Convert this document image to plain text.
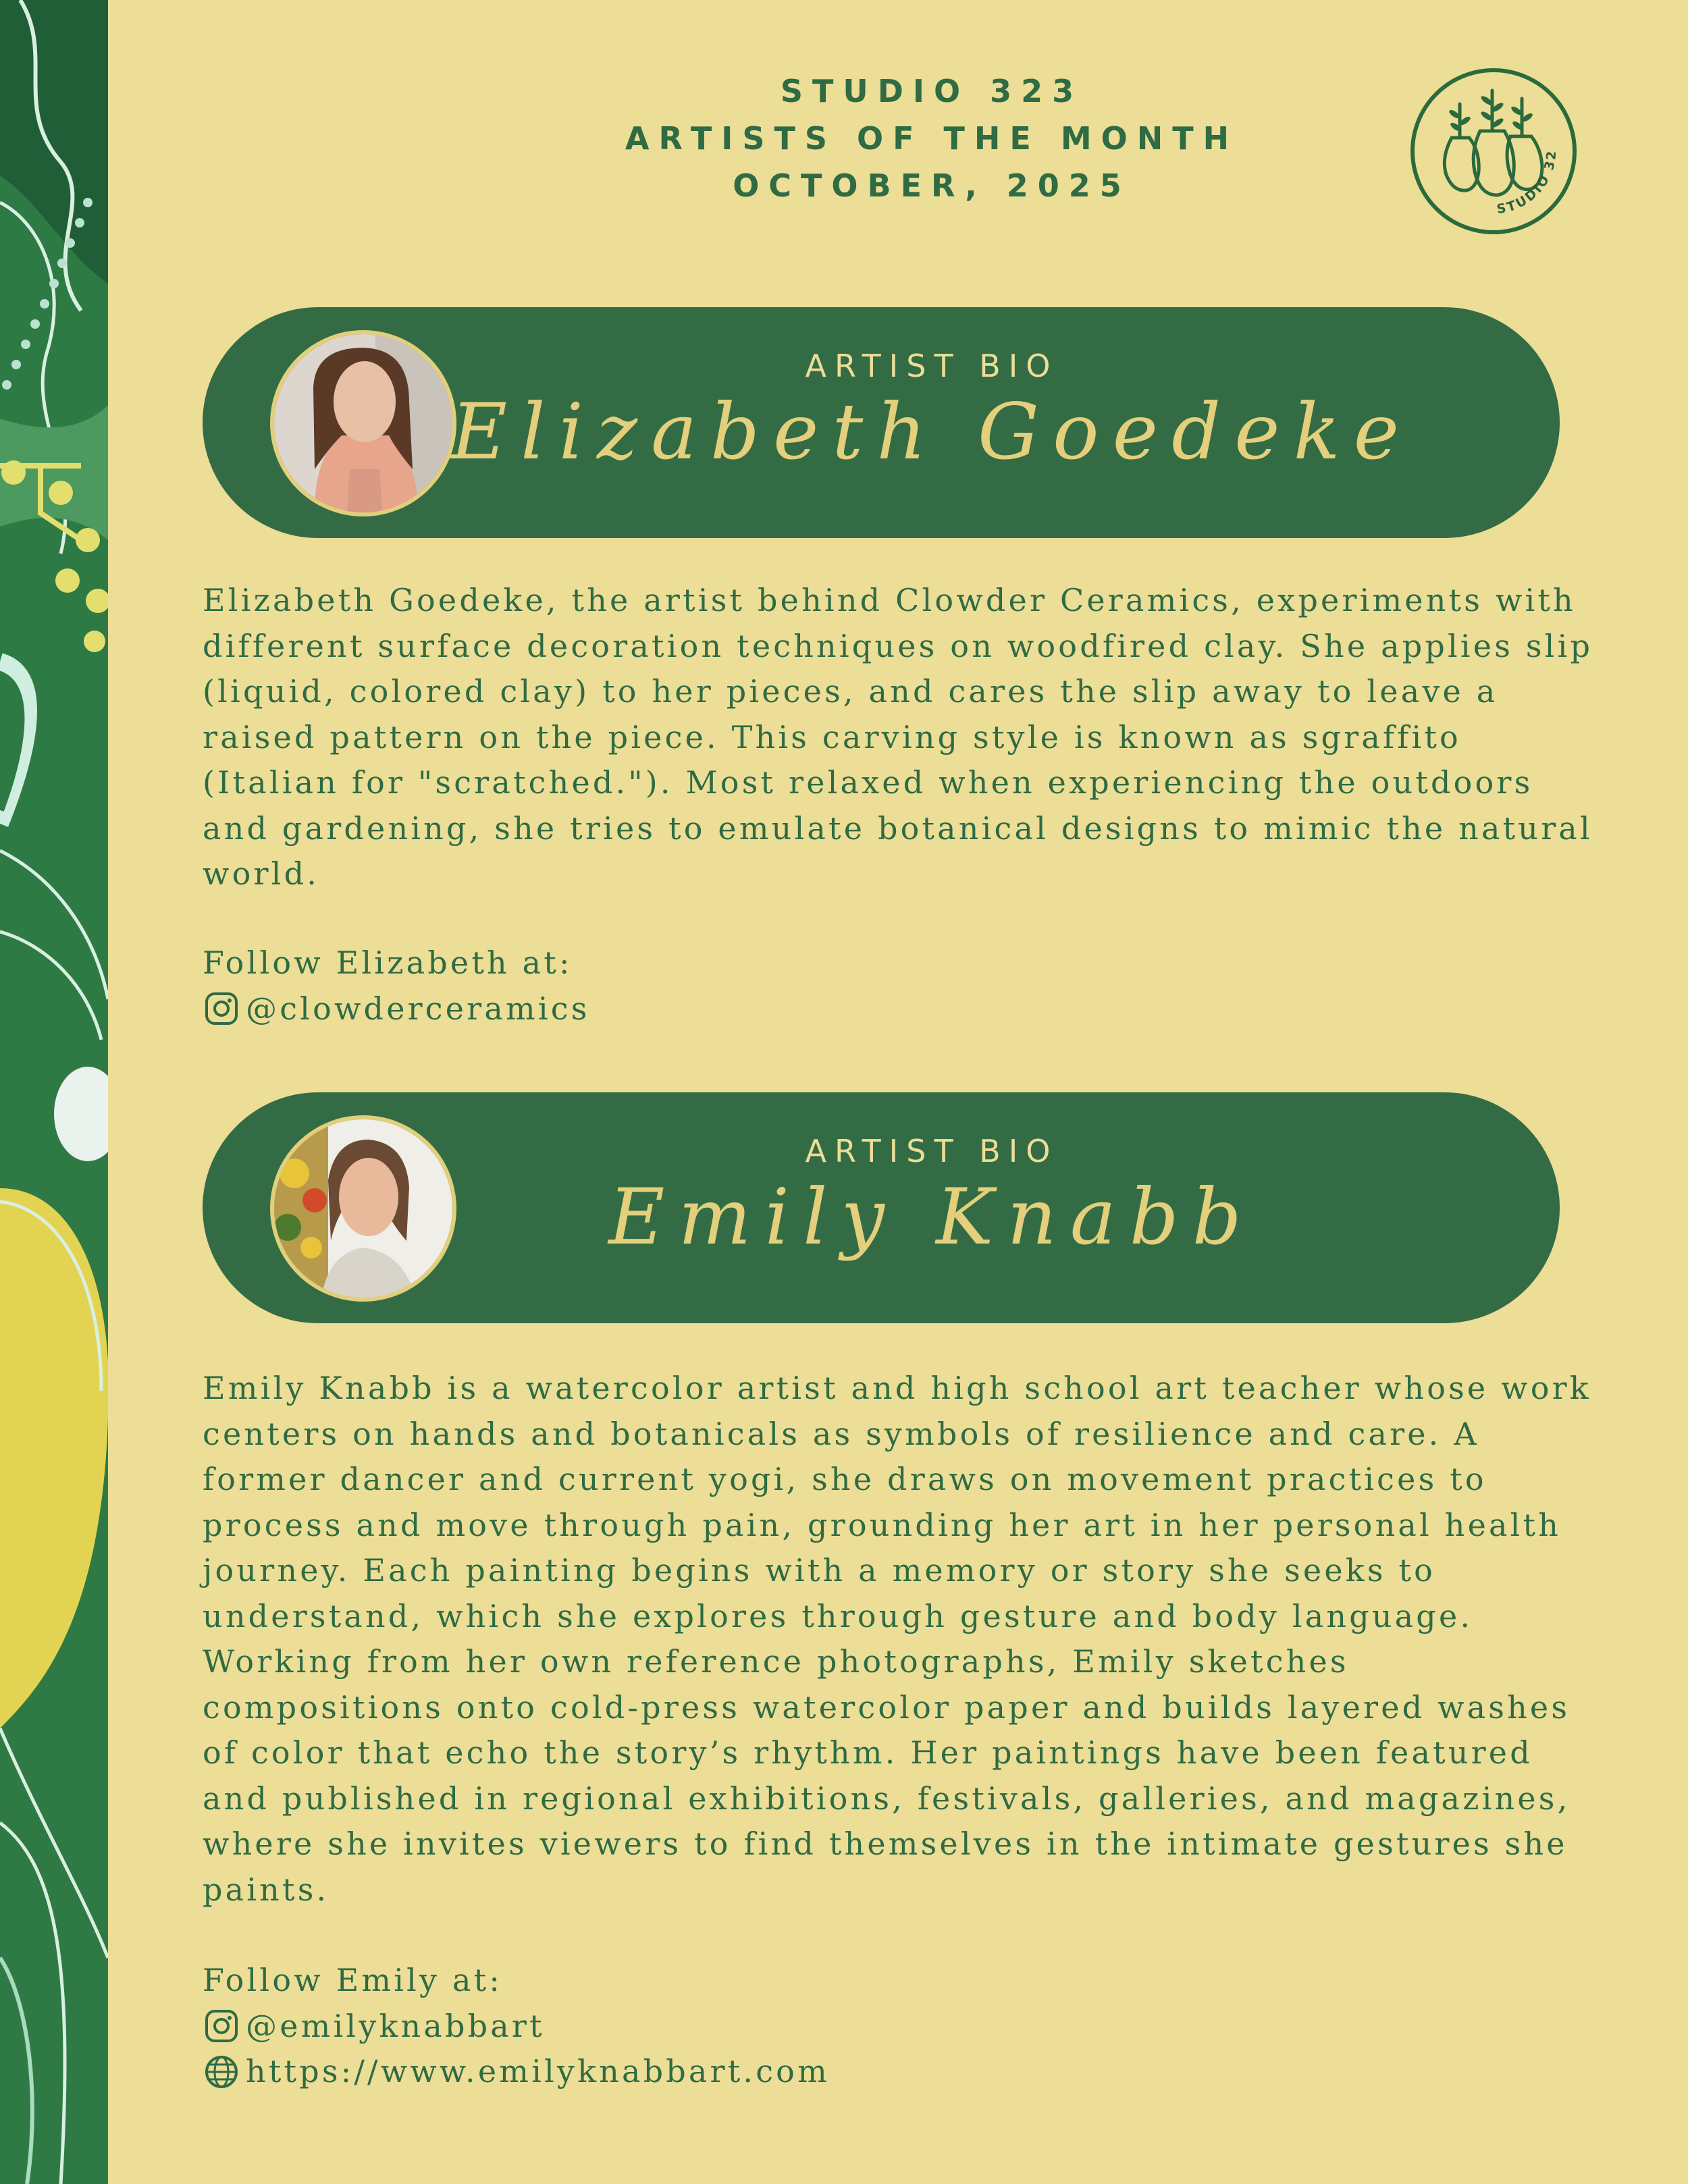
STUDIO 323
ARTISTS OF THE MONTH
OCTOBER, 2025
STUDIO 32
ARTIST BIO
Elizabeth Goedeke

Elizabeth Goedeke, the artist behind Clowder Ceramics, experiments with different surface decoration techniques on woodfired clay. She applies slip (liquid, colored clay) to her pieces, and cares the slip away to leave a raised pattern on the piece. This carving style is known as sgraffito (Italian for "scratched."). Most relaxed when experiencing the outdoors and gardening, she tries to emulate botanical designs to mimic the natural world.

Follow Elizabeth at:
@clowderceramics
ARTIST BIO
Emily Knabb

Emily Knabb is a watercolor artist and high school art teacher whose work centers on hands and botanicals as symbols of resilience and care. A former dancer and current yogi, she draws on movement practices to process and move through pain, grounding her art in her personal health journey. Each painting begins with a memory or story she seeks to understand, which she explores through gesture and body language. Working from her own reference photographs, Emily sketches compositions onto cold-press watercolor paper and builds layered washes of color that echo the story’s rhythm. Her paintings have been featured and published in regional exhibitions, festivals, galleries, and magazines, where she invites viewers to find themselves in the intimate gestures she paints.

Follow Emily at:
@emilyknabbart
https://www.emilyknabbart.com
